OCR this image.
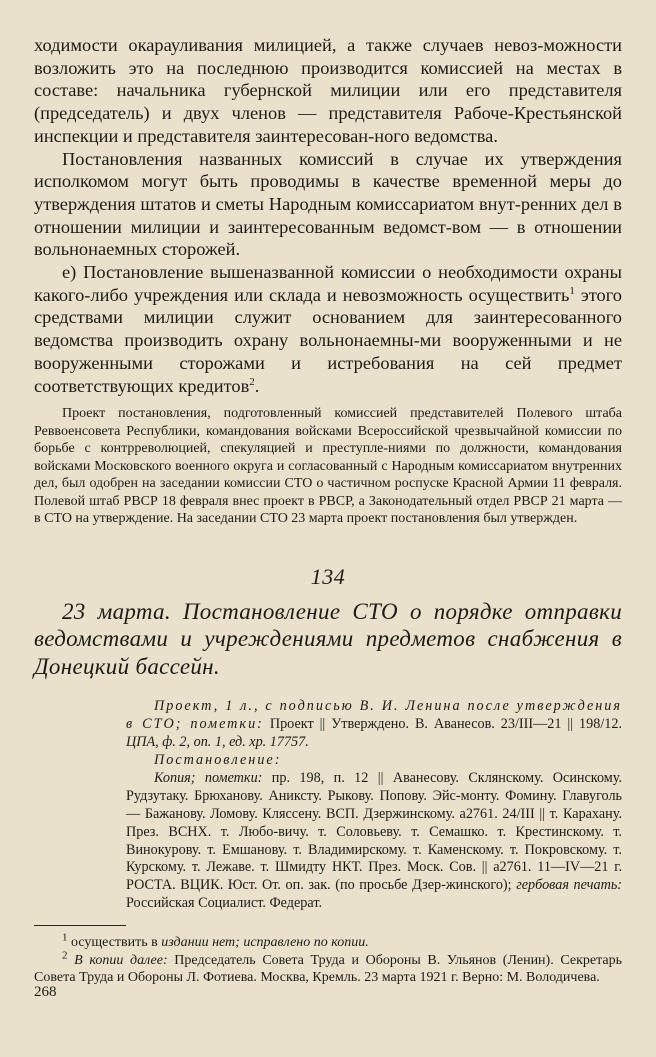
ходимости окарауливания милицией, а также случаев невоз-можности возложить это на последнюю производится комиссией на местах в составе: начальника губернской милиции или его представителя (председатель) и двух членов — представителя Рабоче-Крестьянской инспекции и представителя заинтересован-ного ведомства.

Постановления названных комиссий в случае их утверждения исполкомом могут быть проводимы в качестве временной меры до утверждения штатов и сметы Народным комиссариатом внут-ренних дел в отношении милиции и заинтересованным ведомст-вом — в отношении вольнонаемных сторожей.

е) Постановление вышеназванной комиссии о необходимости охраны какого-либо учреждения или склада и невозможность осуществить$^1$ этого средствами милиции служит основанием для заинтересованного ведомства производить охрану вольнонаемны-ми вооруженными и не вооруженными сторожами и истребования на сей предмет соответствующих кредитов$^2$.

Проект постановления, подготовленный комиссией представителей Полевого штаба Реввоенсовета Республики, командования войсками Всероссийской чрезвычайной комиссии по борьбе с контрреволюцией, спекуляцией и преступле-ниями по должности, командования войсками Московского военного округа и согласованный с Народным комиссариатом внутренних дел, был одобрен на заседании комиссии СТО о частичном роспуске Красной Армии 11 февраля. Полевой штаб РВСР 18 февраля внес проект в РВСР, а Законодательный отдел РВСР 21 марта — в СТО на утверждение. На заседании СТО 23 марта проект постановления был утвержден.

134

23 марта. Постановление СТО о порядке отправки ведомствами и учреждениями предметов снабжения в Донецкий бассейн.

Проект, 1 л., с подписью В. И. Ленина после утверждения в СТО; пометки: Проект || Утверждено. В. Аванесов. 23/III—21 || 198/12. ЦПА, ф. 2, оп. 1, ед. хр. 17757.

Постановление:

Копия; пометки: пр. 198, п. 12 || Аванесову. Склянскому. Осинскому. Рудзутаку. Брюханову. Аниксту. Рыкову. Попову. Эйс-монту. Фомину. Главуголь — Бажанову. Ломову. Кляссену. ВСП. Дзержинскому. а2761. 24/III || т. Карахану. През. ВСНХ. т. Любо-вичу. т. Соловьеву. т. Семашко. т. Крестинскому. т. Винокурову. т. Емшанову. т. Владимирскому. т. Каменскому. т. Покровскому. т. Курскому. т. Лежаве. т. Шмидту НКТ. През. Моск. Сов. || а2761. 11—IV—21 г. РОСТА. ВЦИК. Юст. От. оп. зак. (по просьбе Дзер-жинского); гербовая печать: Российская Социалист. Федерат.

$^1$ осуществить в издании нет; исправлено по копии.

$^2$ В копии далее: Председатель Совета Труда и Обороны В. Ульянов (Ленин). Секретарь Совета Труда и Обороны Л. Фотиева. Москва, Кремль. 23 марта 1921 г. Верно: М. Володичева.

268
